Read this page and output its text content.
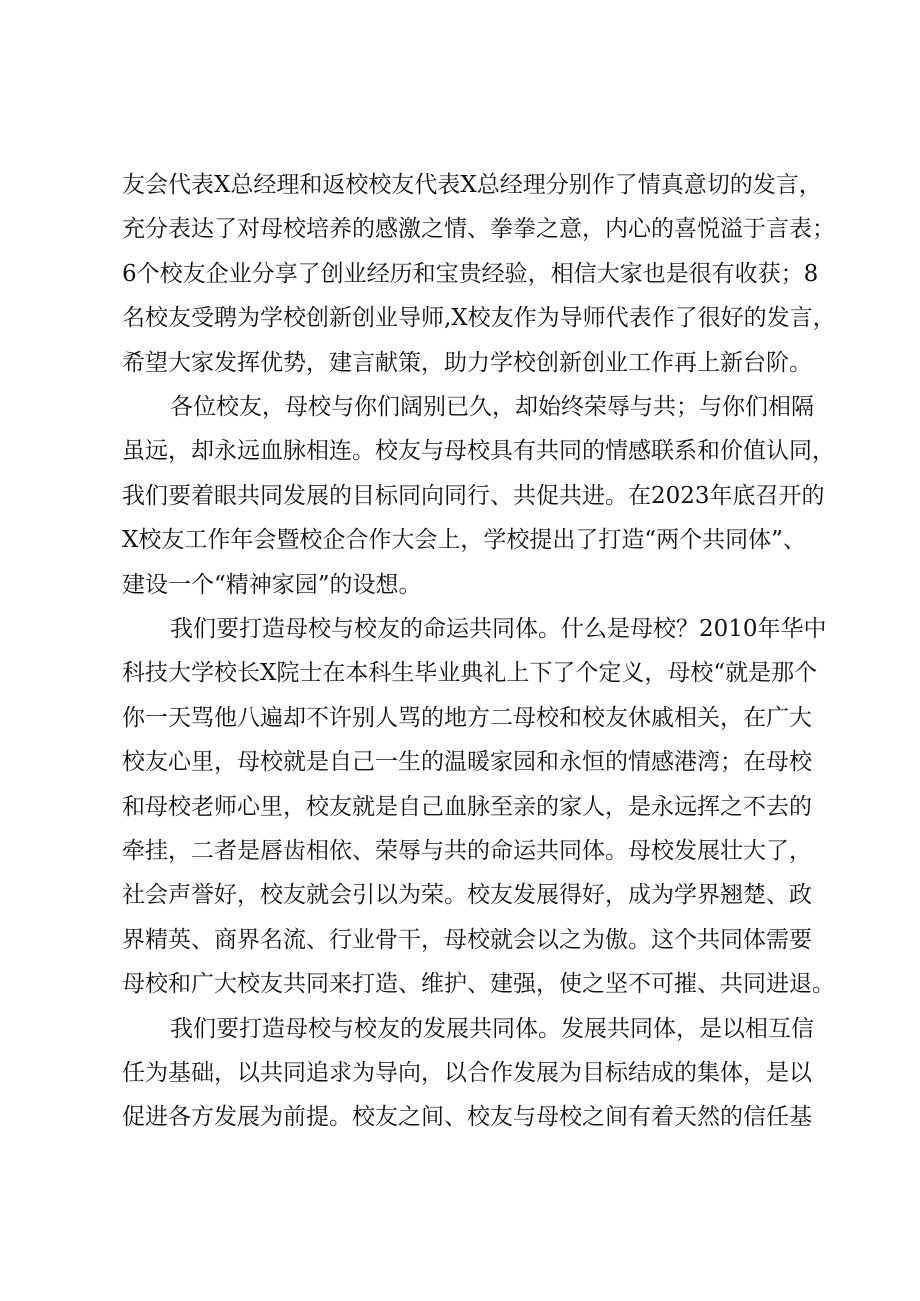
友会代表X总经理和返校校友代表X总经理分别作了情真意切的发言，
充分表达了对母校培养的感激之情、拳拳之意，内心的喜悦溢于言表；
6个校友企业分享了创业经历和宝贵经验，相信大家也是很有收获；8
名校友受聘为学校创新创业导师,X校友作为导师代表作了很好的发言，
希望大家发挥优势，建言献策，助力学校创新创业工作再上新台阶。
各位校友，母校与你们阔别已久，却始终荣辱与共；与你们相隔
虽远，却永远血脉相连。校友与母校具有共同的情感联系和价值认同，
我们要着眼共同发展的目标同向同行、共促共进。在2023年底召开的
X校友工作年会暨校企合作大会上，学校提出了打造“两个共同体”、
建设一个“精神家园”的设想。
我们要打造母校与校友的命运共同体。什么是母校？2010年华中
科技大学校长X院士在本科生毕业典礼上下了个定义，母校“就是那个
你一天骂他八遍却不许别人骂的地方二母校和校友休戚相关，在广大
校友心里，母校就是自己一生的温暖家园和永恒的情感港湾；在母校
和母校老师心里，校友就是自己血脉至亲的家人，是永远挥之不去的
牵挂，二者是唇齿相依、荣辱与共的命运共同体。母校发展壮大了，
社会声誉好，校友就会引以为荣。校友发展得好，成为学界翘楚、政
界精英、商界名流、行业骨干，母校就会以之为傲。这个共同体需要
母校和广大校友共同来打造、维护、建强，使之坚不可摧、共同进退。
我们要打造母校与校友的发展共同体。发展共同体，是以相互信
任为基础，以共同追求为导向，以合作发展为目标结成的集体，是以
促进各方发展为前提。校友之间、校友与母校之间有着天然的信任基
